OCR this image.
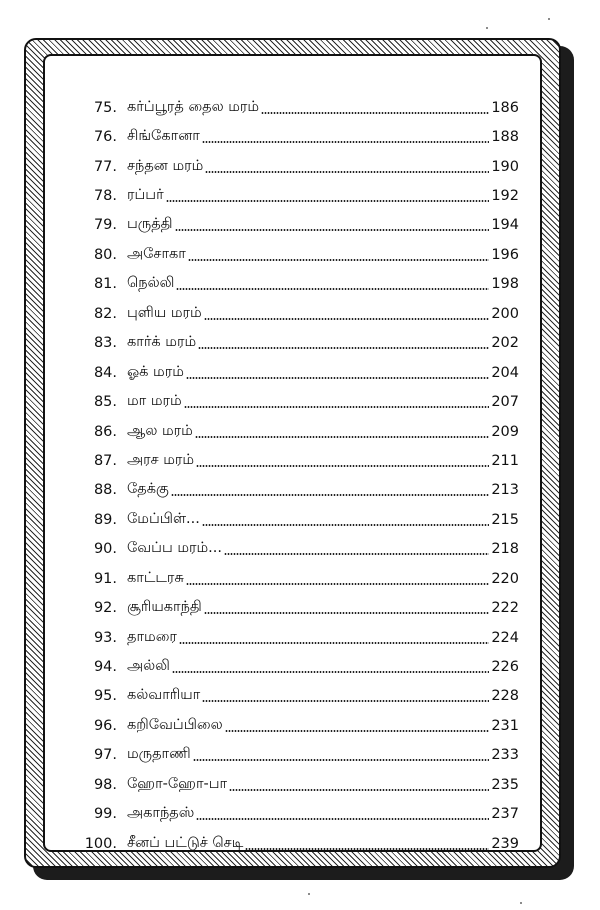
75. கர்ப்பூரத் தைல மரம்	186
76. சிங்கோனா	188
77. சந்தன மரம்	190
78. ரப்பர்	192
79. பருத்தி	194
80. அசோகா	196
81. நெல்லி	198
82. புளிய மரம்	200
83. கார்க் மரம்	202
84. ஓக் மரம்	204
85. மா மரம்	207
86. ஆல மரம்	209
87. அரச மரம்	211
88. தேக்கு	213
89. மேப்பிள்...	215
90. வேப்ப மரம்...	218
91. காட்டரசு	220
92. சூரியகாந்தி	222
93. தாமரை	224
94. அல்லி	226
95. கல்வாரியா	228
96. கறிவேப்பிலை	231
97. மருதாணி	233
98. ஹோ-ஹோ-பா	235
99. அகாந்தஸ்	237
100. சீனப் பட்டுச் செடி	239
